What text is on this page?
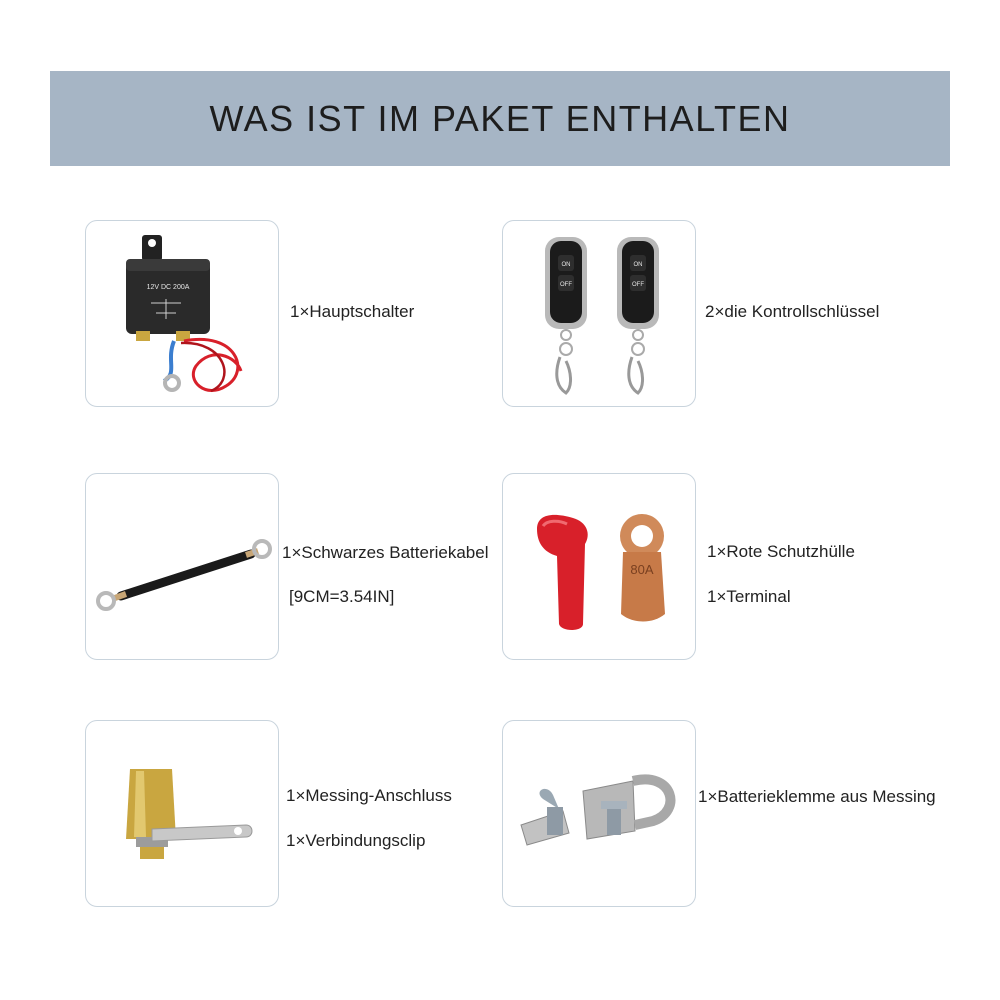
WAS IST IM PAKET ENTHALTEN
12V DC 200A
1×Hauptschalter
ON
OFF
ON
OFF
2×die Kontrollschlüssel
1×Schwarzes Batteriekabel
[9CM=3.54IN]
80A
1×Rote Schutzhülle
1×Terminal
1×Messing-Anschluss
1×Verbindungsclip
1×Batterieklemme aus Messing
